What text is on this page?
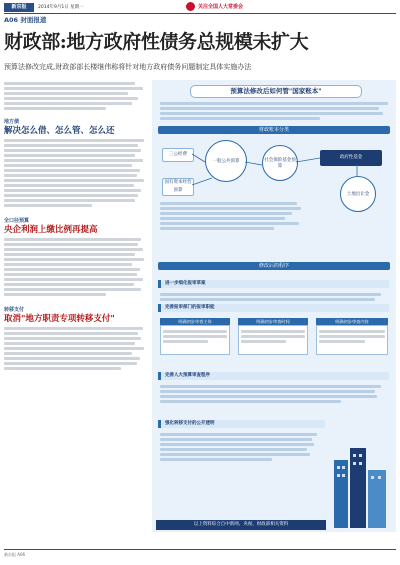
新京报	2014年9月1日 星期一	关注全国人大常委会
A06 封面报道
财政部:地方政府性债务总规模未扩大
预算法修改完成,财政部部长楼继伟称将针对地方政府债务问题制定具体实施办法
地方债
解决怎么借、怎么管、怎么还
全口径预算
央企利润上缴比例再提高
转移支付
取消"地方职责专项转移支付"
预算法修改后如何管"国家账本"
财政账本分类
三公经费
国有资本经营预算
一般公共预算	社会保险基金预算
政府性基金
土地出让金
修改后的程序
进一步细化报审草案
完善报审部门的报审职能
明确初步审查主体	明确初步审查时间	明确初步审查内容
完善人大预算审查程序
强化转移支付的公开透明
以上资料综合自中新网、央视、财政部相关资料
新京报 A06
